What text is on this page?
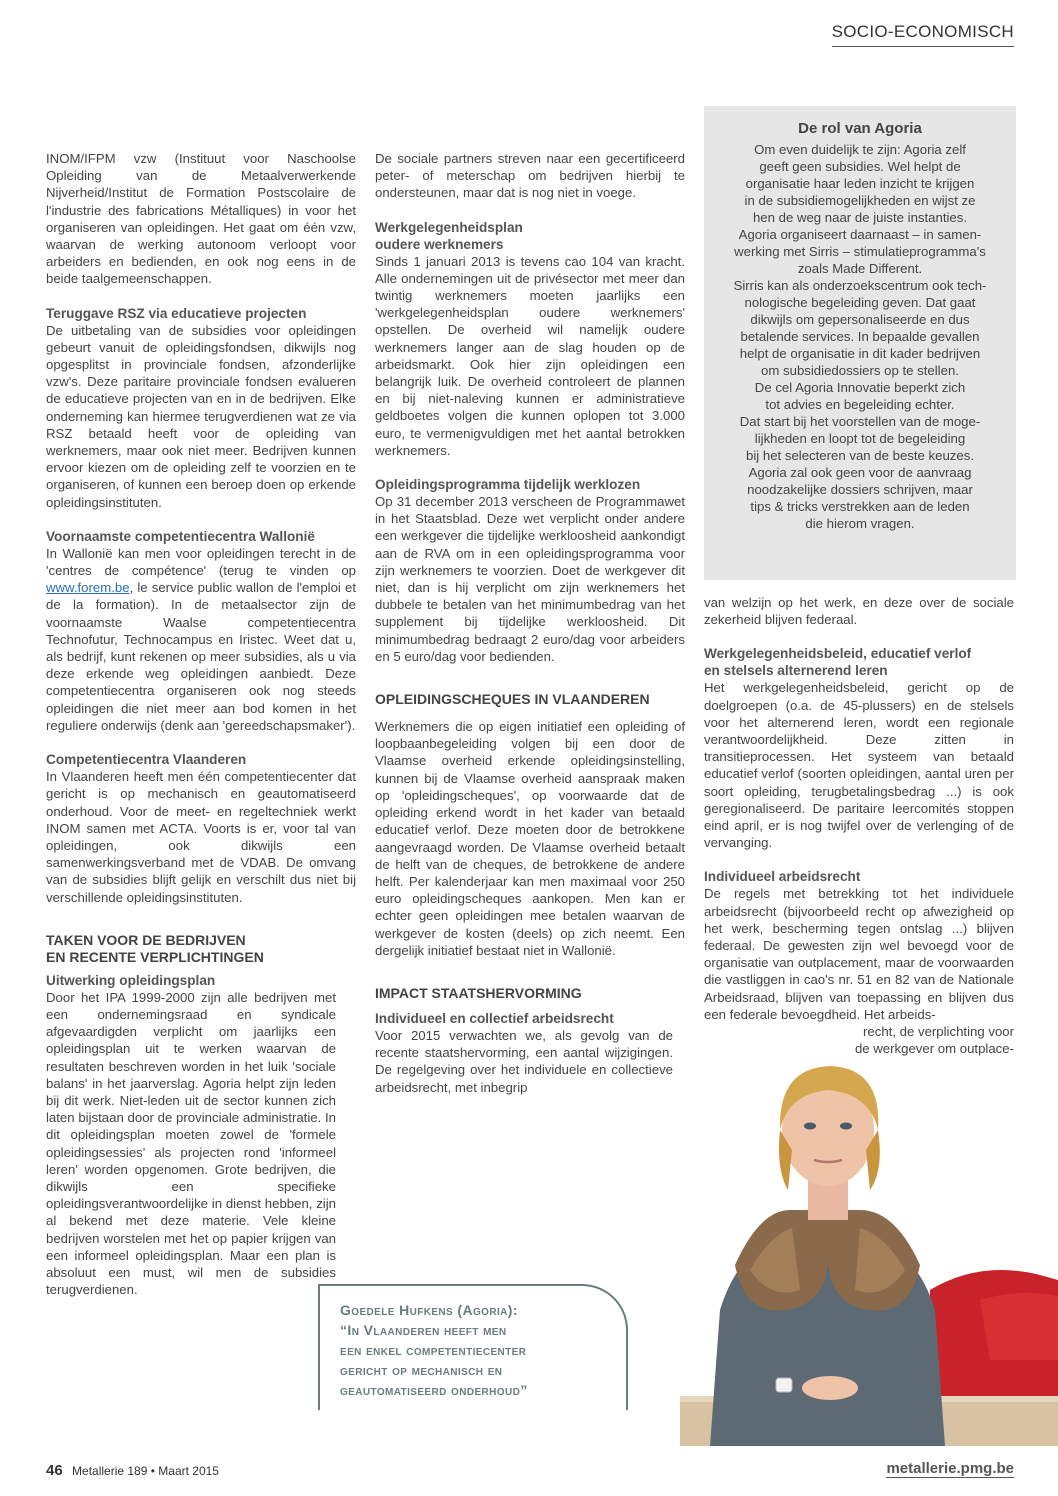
SOCIO-ECONOMISCH

INOM/IFPM vzw (Instituut voor Naschoolse Opleiding van de Metaalverwerkende Nijverheid/Institut de Formation Postscolaire de l'industrie des fabrications Métalliques) in voor het organiseren van opleidingen. Het gaat om één vzw, waarvan de werking autonoom verloopt voor arbeiders en bedienden, en ook nog eens in de beide taalgemeenschappen.

Teruggave RSZ via educatieve projecten

De uitbetaling van de subsidies voor opleidingen gebeurt vanuit de opleidingsfondsen, dikwijls nog opgesplitst in provinciale fondsen, afzonderlijke vzw's. Deze paritaire provinciale fondsen evalueren de educatieve projecten van en in de bedrijven. Elke onderneming kan hiermee terugverdienen wat ze via RSZ betaald heeft voor de opleiding van werknemers, maar ook niet meer. Bedrijven kunnen ervoor kiezen om de opleiding zelf te voorzien en te organiseren, of kunnen een beroep doen op erkende opleidingsinstituten.

Voornaamste competentiecentra Wallonië

In Wallonië kan men voor opleidingen terecht in de 'centres de compétence' (terug te vinden op www.forem.be, le service public wallon de l'emploi et de la formation). In de metaalsector zijn de voornaamste Waalse competentiecentra Technofutur, Technocampus en Iristec. Weet dat u, als bedrijf, kunt rekenen op meer subsidies, als u via deze erkende weg opleidingen aanbiedt. Deze competentiecentra organiseren ook nog steeds opleidingen die niet meer aan bod komen in het reguliere onderwijs (denk aan 'gereedschapsmaker').

Competentiecentra Vlaanderen

In Vlaanderen heeft men één competentiecenter dat gericht is op mechanisch en geautomatiseerd onderhoud. Voor de meet- en regeltechniek werkt INOM samen met ACTA. Voorts is er, voor tal van opleidingen, ook dikwijls een samenwerkingsverband met de VDAB. De omvang van de subsidies blijft gelijk en verschilt dus niet bij verschillende opleidingsinstituten.

TAKEN VOOR DE BEDRIJVEN
EN RECENTE VERPLICHTINGEN
Uitwerking opleidingsplan

Door het IPA 1999-2000 zijn alle bedrijven met een ondernemingsraad en syndicale afgevaardigden verplicht om jaarlijks een opleidingsplan uit te werken waarvan de resultaten beschreven worden in het luik 'sociale balans' in het jaarverslag. Agoria helpt zijn leden bij dit werk. Niet-leden uit de sector kunnen zich laten bijstaan door de provinciale administratie. In dit opleidingsplan moeten zowel de 'formele opleidingsessies' als projecten rond 'informeel leren' worden opgenomen. Grote bedrijven, die dikwijls een specifieke opleidingsverantwoordelijke in dienst hebben, zijn al bekend met deze materie. Vele kleine bedrijven worstelen met het op papier krijgen van een informeel opleidingsplan. Maar een plan is absoluut een must, wil men de subsidies terugverdienen.

De sociale partners streven naar een gecertificeerd peter- of meterschap om bedrijven hierbij te ondersteunen, maar dat is nog niet in voege.

Werkgelegenheidsplan
oudere werknemers

Sinds 1 januari 2013 is tevens cao 104 van kracht. Alle ondernemingen uit de privésector met meer dan twintig werknemers moeten jaarlijks een 'werkgelegenheidsplan oudere werknemers' opstellen. De overheid wil namelijk oudere werknemers langer aan de slag houden op de arbeidsmarkt. Ook hier zijn opleidingen een belangrijk luik. De overheid controleert de plannen en bij niet-naleving kunnen er administratieve geldboetes volgen die kunnen oplopen tot 3.000 euro, te vermenigvuldigen met het aantal betrokken werknemers.

Opleidingsprogramma tijdelijk werklozen

Op 31 december 2013 verscheen de Programmawet in het Staatsblad. Deze wet verplicht onder andere een werkgever die tijdelijke werkloosheid aankondigt aan de RVA om in een opleidingsprogramma voor zijn werknemers te voorzien. Doet de werkgever dit niet, dan is hij verplicht om zijn werknemers het dubbele te betalen van het minimumbedrag van het supplement bij tijdelijke werkloosheid. Dit minimumbedrag bedraagt 2 euro/dag voor arbeiders en 5 euro/dag voor bedienden.

OPLEIDINGSCHEQUES IN VLAANDEREN

Werknemers die op eigen initiatief een opleiding of loopbaanbegeleiding volgen bij een door de Vlaamse overheid erkende opleidingsinstelling, kunnen bij de Vlaamse overheid aanspraak maken op 'opleidingscheques', op voorwaarde dat de opleiding erkend wordt in het kader van betaald educatief verlof. Deze moeten door de betrokkene aangevraagd worden. De Vlaamse overheid betaalt de helft van de cheques, de betrokkene de andere helft. Per kalenderjaar kan men maximaal voor 250 euro opleidingscheques aankopen. Men kan er echter geen opleidingen mee betalen waarvan de werkgever de kosten (deels) op zich neemt. Een dergelijk initiatief bestaat niet in Wallonië.

IMPACT STAATSHERVORMING
Individueel en collectief arbeidsrecht

Voor 2015 verwachten we, als gevolg van de recente staatshervorming, een aantal wijzigingen. De regelgeving over het individuele en collectieve arbeidsrecht, met inbegrip

De rol van Agoria

Om even duidelijk te zijn: Agoria zelf

geeft geen subsidies. Wel helpt de

organisatie haar leden inzicht te krijgen

in de subsidiemogelijkheden en wijst ze

hen de weg naar de juiste instanties.

Agoria organiseert daarnaast – in samen-

werking met Sirris – stimulatieprogramma's

zoals Made Different.

Sirris kan als onderzoekscentrum ook tech-

nologische begeleiding geven. Dat gaat

dikwijls om gepersonaliseerde en dus

betalende services. In bepaalde gevallen

helpt de organisatie in dit kader bedrijven

om subsidiedossiers op te stellen.

De cel Agoria Innovatie beperkt zich

tot advies en begeleiding echter.

Dat start bij het voorstellen van de moge-

lijkheden en loopt tot de begeleiding

bij het selecteren van de beste keuzes.

Agoria zal ook geen voor de aanvraag

noodzakelijke dossiers schrijven, maar

tips & tricks verstrekken aan de leden

die hierom vragen.

van welzijn op het werk, en deze over de sociale zekerheid blijven federaal.

Werkgelegenheidsbeleid, educatief verlof
en stelsels alternerend leren

Het werkgelegenheidsbeleid, gericht op de doelgroepen (o.a. de 45-plussers) en de stelsels voor het alternerend leren, wordt een regionale verantwoordelijkheid. Deze zitten in transitieprocessen. Het systeem van betaald educatief verlof (soorten opleidingen, aantal uren per soort opleiding, terugbetalingsbedrag ...) is ook geregionaliseerd. De paritaire leercomités stoppen eind april, er is nog twijfel over de verlenging of de vervanging.

Individueel arbeidsrecht

De regels met betrekking tot het individuele arbeidsrecht (bijvoorbeeld recht op afwezigheid op het werk, bescherming tegen ontslag ...) blijven federaal. De gewesten zijn wel bevoegd voor de organisatie van outplacement, maar de voorwaarden die vastliggen in cao's nr. 51 en 82 van de Nationale Arbeidsraad, blijven van toepassing en blijven dus een federale bevoegdheid. Het arbeids-

recht, de verplichting voor

de werkgever om outplace-

Goedele Hufkens (Agoria):
“In Vlaanderen heeft men
een enkel competentiecenter
gericht op mechanisch en
geautomatiseerd onderhoud”
46 Metallerie 189 • Maart 2015	metallerie.pmg.be
